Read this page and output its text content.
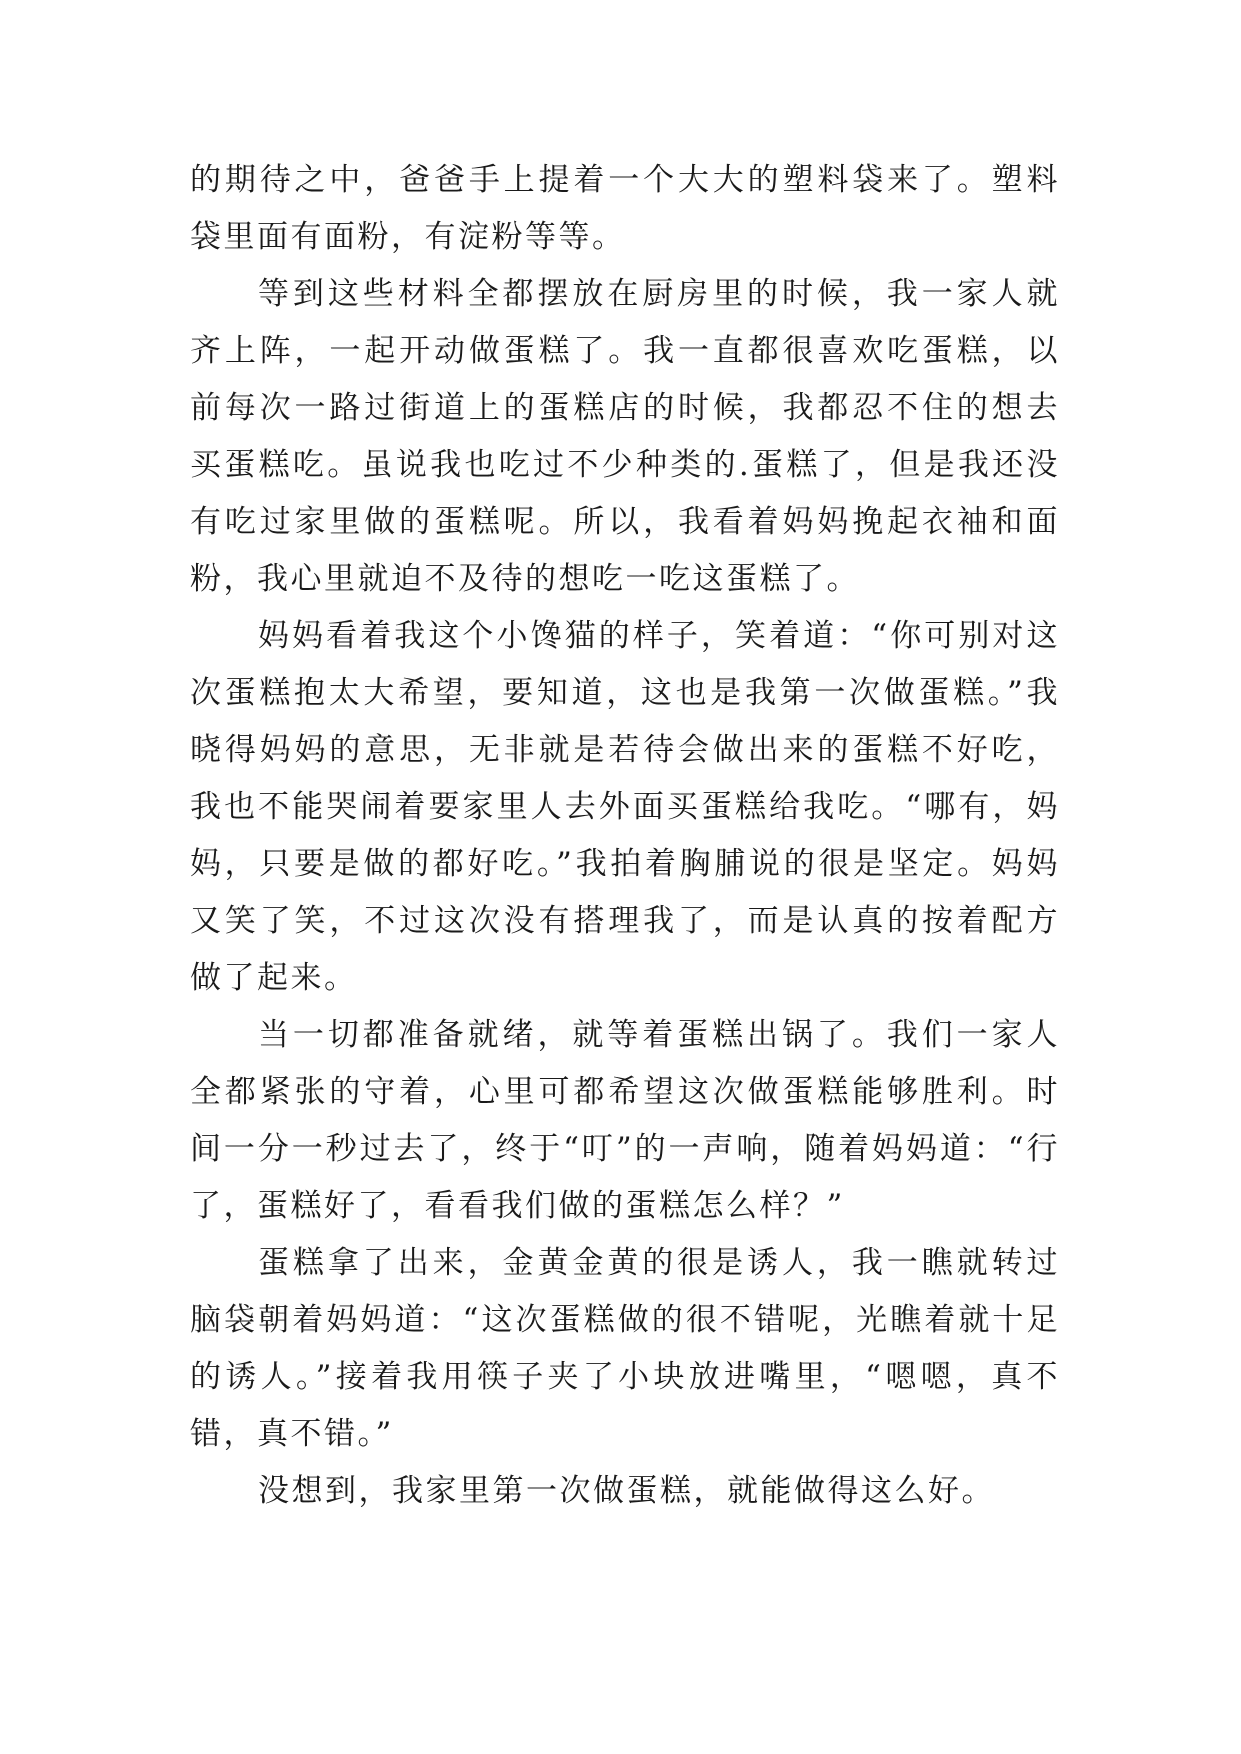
的期待之中，爸爸手上提着一个大大的塑料袋来了。塑料袋里面有面粉，有淀粉等等。

等到这些材料全都摆放在厨房里的时候，我一家人就齐上阵，一起开动做蛋糕了。我一直都很喜欢吃蛋糕，以前每次一路过街道上的蛋糕店的时候，我都忍不住的想去买蛋糕吃。虽说我也吃过不少种类的.蛋糕了，但是我还没有吃过家里做的蛋糕呢。所以，我看着妈妈挽起衣袖和面粉，我心里就迫不及待的想吃一吃这蛋糕了。

妈妈看着我这个小馋猫的样子，笑着道：“你可别对这次蛋糕抱太大希望，要知道，这也是我第一次做蛋糕。”我晓得妈妈的意思，无非就是若待会做出来的蛋糕不好吃，我也不能哭闹着要家里人去外面买蛋糕给我吃。“哪有，妈妈，只要是做的都好吃。”我拍着胸脯说的很是坚定。妈妈又笑了笑，不过这次没有搭理我了，而是认真的按着配方做了起来。

当一切都准备就绪，就等着蛋糕出锅了。我们一家人全都紧张的守着，心里可都希望这次做蛋糕能够胜利。时间一分一秒过去了，终于“叮”的一声响，随着妈妈道：“行了，蛋糕好了，看看我们做的蛋糕怎么样？”

蛋糕拿了出来，金黄金黄的很是诱人，我一瞧就转过脑袋朝着妈妈道：“这次蛋糕做的很不错呢，光瞧着就十足的诱人。”接着我用筷子夹了小块放进嘴里，“嗯嗯，真不错，真不错。”

没想到，我家里第一次做蛋糕，就能做得这么好。
